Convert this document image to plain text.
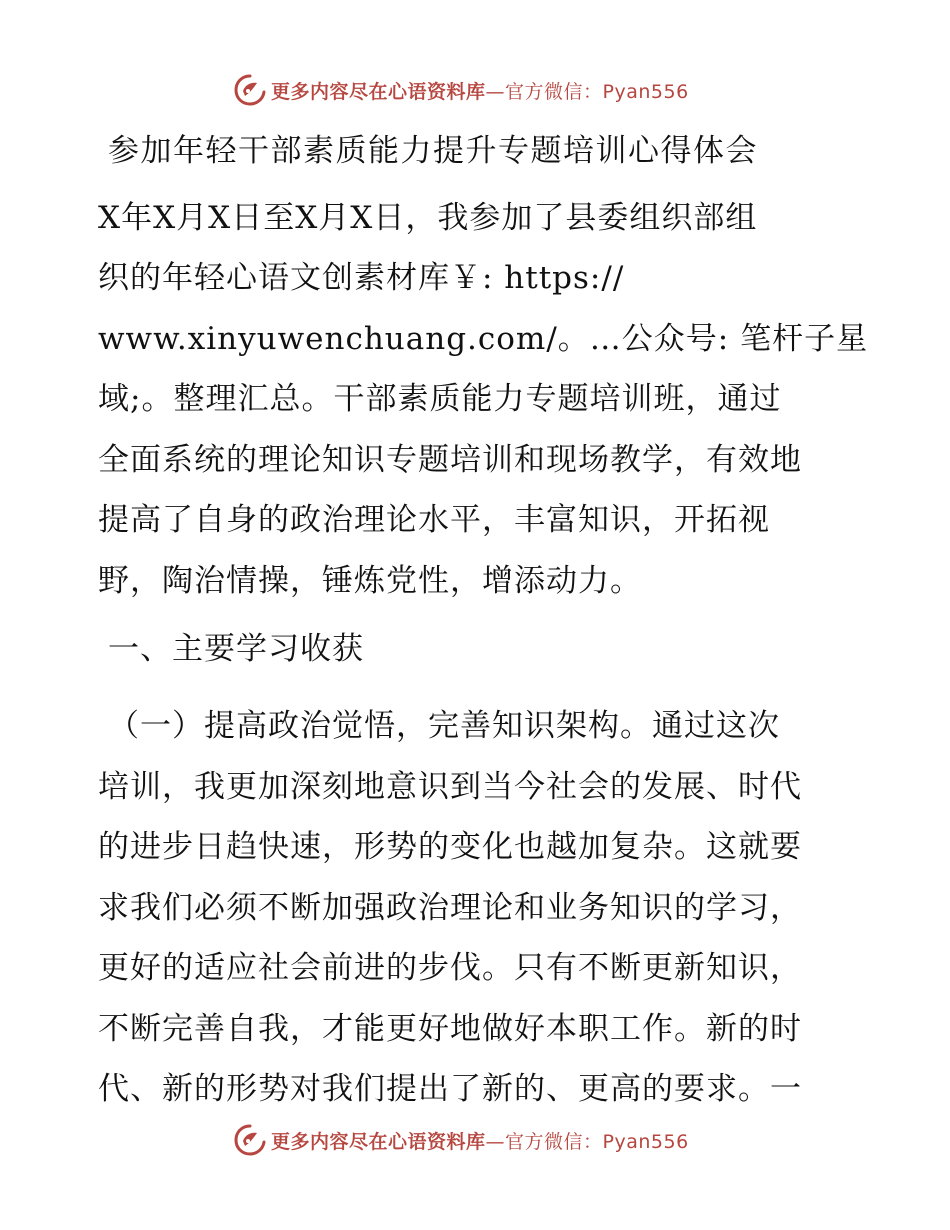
更多内容尽在心语资料库—官方微信：Pyan556
参加年轻干部素质能力提升专题培训心得体会

X年X月X日至X月X日，我参加了县委组织部组

织的年轻心语文创素材库￥: https://

www.xinyuwenchuang.com/。…公众号: 笔杆子星

域;。整理汇总。干部素质能力专题培训班，通过

全面系统的理论知识专题培训和现场教学，有效地

提高了自身的政治理论水平，丰富知识，开拓视

野，陶治情操，锤炼党性，增添动力。

一、主要学习收获

（一）提高政治觉悟，完善知识架构。通过这次

培训，我更加深刻地意识到当今社会的发展、时代

的进步日趋快速，形势的变化也越加复杂。这就要

求我们必须不断加强政治理论和业务知识的学习，

更好的适应社会前进的步伐。只有不断更新知识，

不断完善自我，才能更好地做好本职工作。新的时

代、新的形势对我们提出了新的、更高的要求。一

更多内容尽在心语资料库—官方微信：Pyan556
